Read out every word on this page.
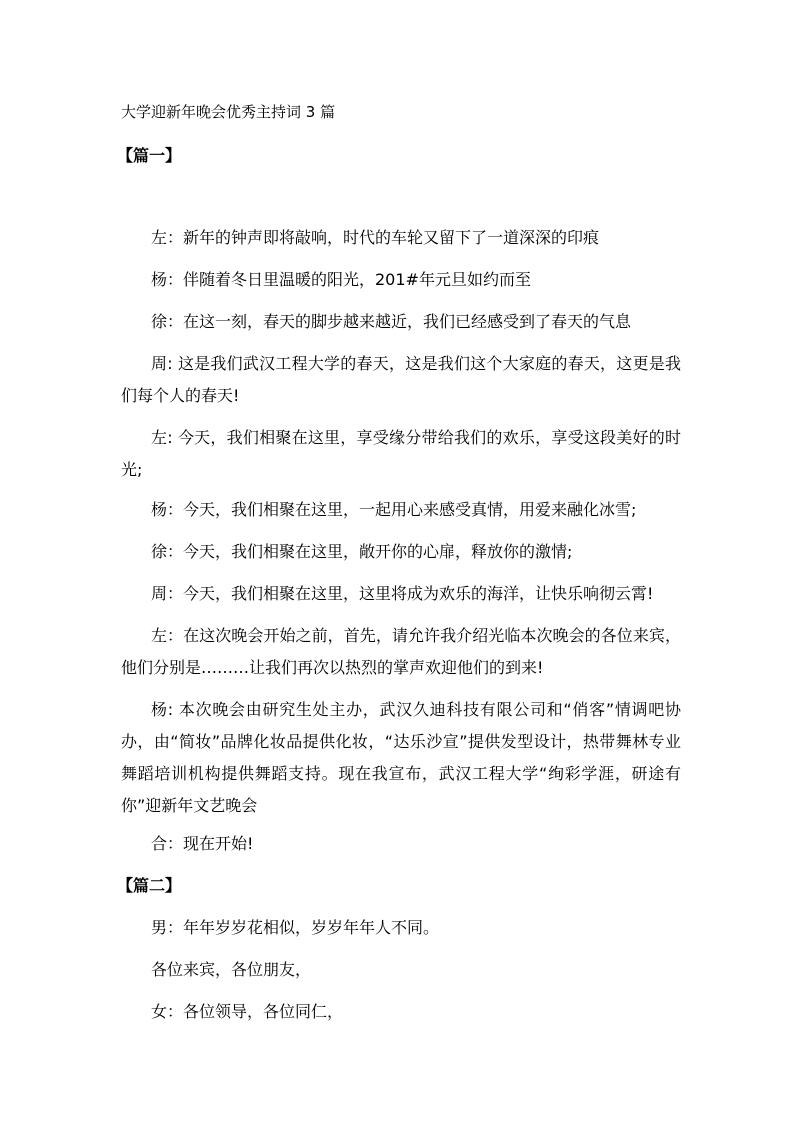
大学迎新年晚会优秀主持词 3 篇
【篇一】

左：新年的钟声即将敲响，时代的车轮又留下了一道深深的印痕

杨：伴随着冬日里温暖的阳光，201#年元旦如约而至

徐：在这一刻，春天的脚步越来越近，我们已经感受到了春天的气息

周: 这是我们武汉工程大学的春天，这是我们这个大家庭的春天，这更是我们每个人的春天!

左: 今天，我们相聚在这里，享受缘分带给我们的欢乐，享受这段美好的时光;

杨：今天，我们相聚在这里，一起用心来感受真情，用爱来融化冰雪;

徐：今天，我们相聚在这里，敞开你的心扉，释放你的激情;

周：今天，我们相聚在这里，这里将成为欢乐的海洋，让快乐响彻云霄!

左：在这次晚会开始之前，首先，请允许我介绍光临本次晚会的各位来宾，他们分别是………让我们再次以热烈的掌声欢迎他们的到来!

杨: 本次晚会由研究生处主办，武汉久迪科技有限公司和“俏客”情调吧协办，由“简妆”品牌化妆品提供化妆，“达乐沙宣”提供发型设计，热带舞林专业舞蹈培训机构提供舞蹈支持。现在我宣布，武汉工程大学“绚彩学涯，研途有你”迎新年文艺晚会

合：现在开始!

【篇二】

男：年年岁岁花相似，岁岁年年人不同。

各位来宾，各位朋友，

女：各位领导，各位同仁，
